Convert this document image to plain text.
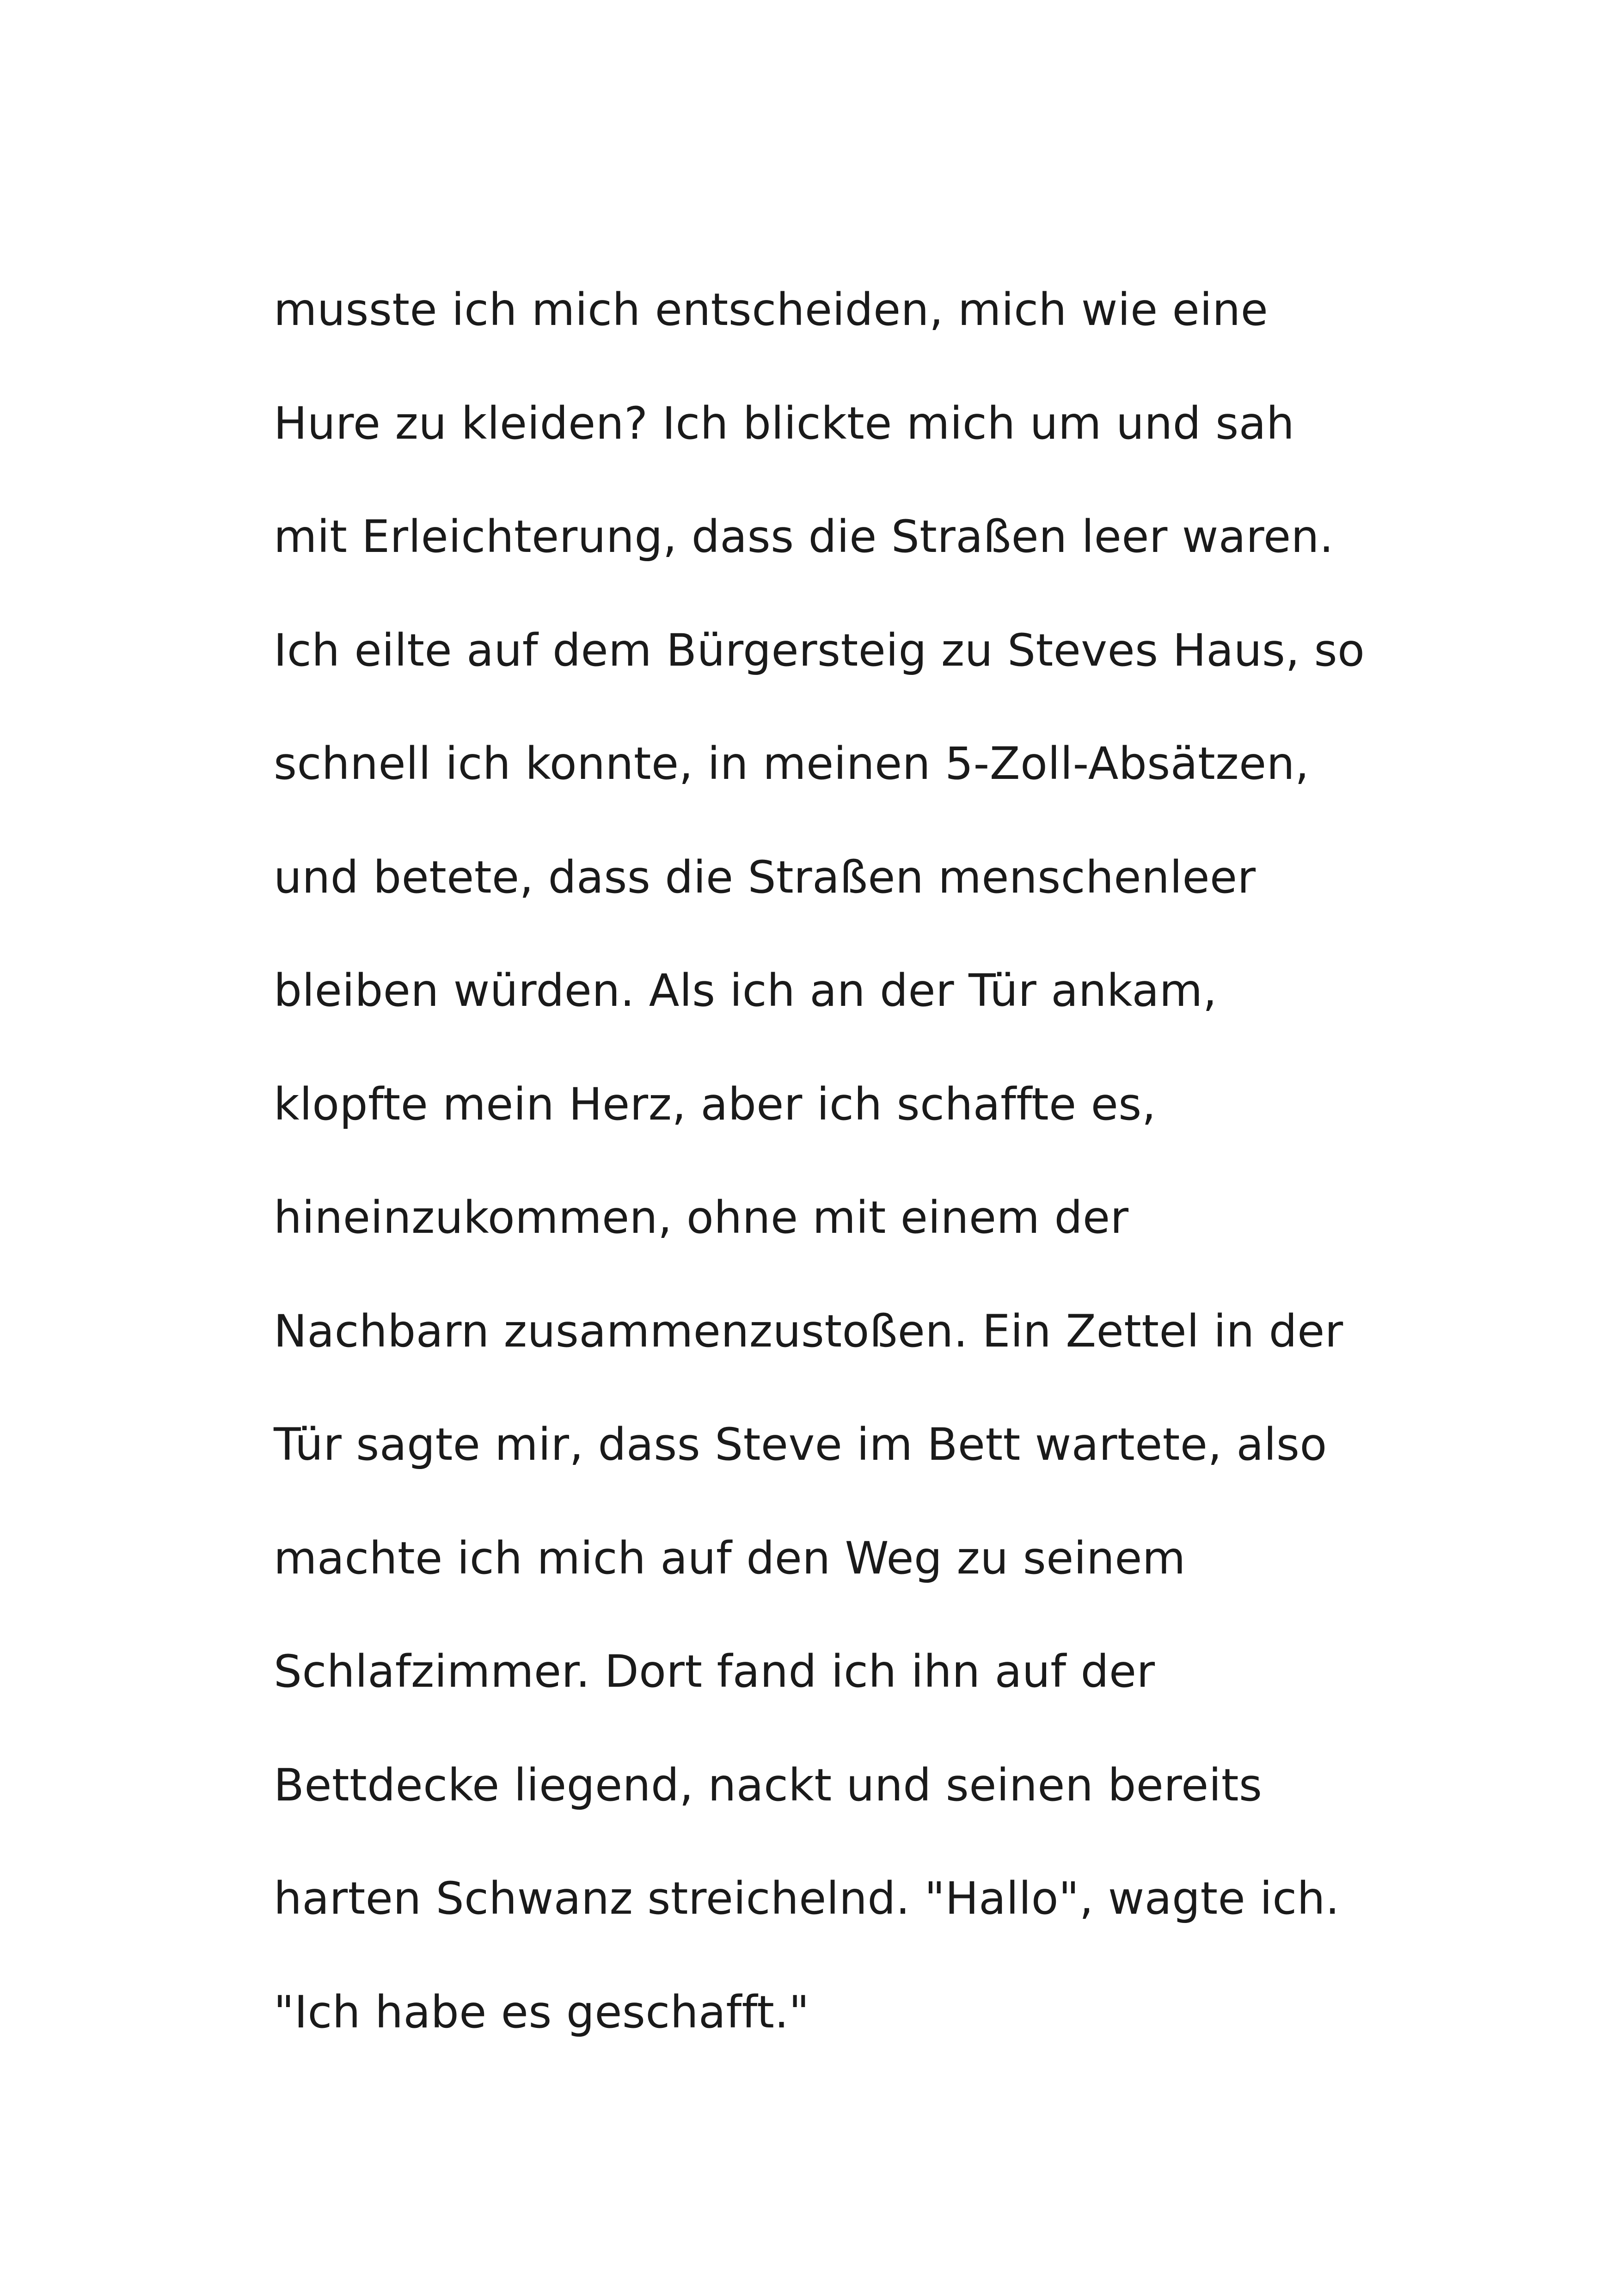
musste ich mich entscheiden, mich wie eine
Hure zu kleiden? Ich blickte mich um und sah
mit Erleichterung, dass die Straßen leer waren.
Ich eilte auf dem Bürgersteig zu Steves Haus, so
schnell ich konnte, in meinen 5-Zoll-Absätzen,
und betete, dass die Straßen menschenleer
bleiben würden. Als ich an der Tür ankam,
klopfte mein Herz, aber ich schaffte es,
hineinzukommen, ohne mit einem der
Nachbarn zusammenzustoßen. Ein Zettel in der
Tür sagte mir, dass Steve im Bett wartete, also
machte ich mich auf den Weg zu seinem
Schlafzimmer. Dort fand ich ihn auf der
Bettdecke liegend, nackt und seinen bereits
harten Schwanz streichelnd. "Hallo", wagte ich.
"Ich habe es geschafft."
